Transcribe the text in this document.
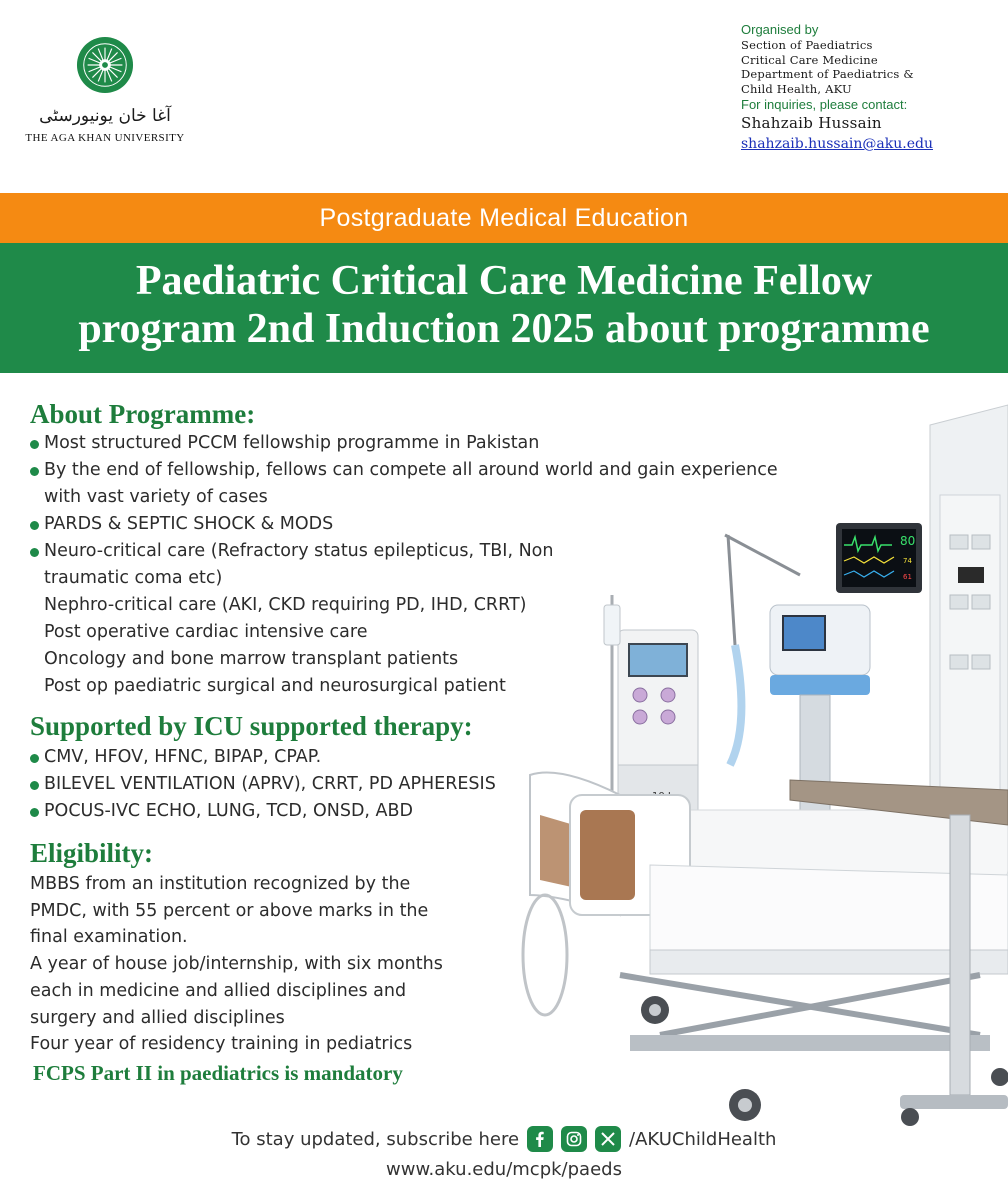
آغا خان یونیورسٹی
THE AGA KHAN UNIVERSITY
Organised by
Section of Paediatrics
Critical Care Medicine
Department of Paediatrics &
Child Health, AKU
For inquiries, please contact:
Shahzaib Hussain
shahzaib.hussain@aku.edu
Postgraduate Medical Education
Paediatric Critical Care Medicine Fellow
program 2nd Induction 2025 about programme
80
74
61
About Programme:
Most structured PCCM fellowship programme in Pakistan
By the end of fellowship, fellows can compete all around world and gain experience
with vast variety of cases
PARDS & SEPTIC SHOCK & MODS
Neuro-critical care (Refractory status epilepticus, TBI, Non
traumatic coma etc)
Nephro-critical care (AKI, CKD requiring PD, IHD, CRRT)
Post operative cardiac intensive care
Oncology and bone marrow transplant patients
Post op paediatric surgical and neurosurgical patient
Supported by ICU supported therapy:
CMV, HFOV, HFNC, BIPAP, CPAP.
BILEVEL VENTILATION (APRV), CRRT, PD APHERESIS
POCUS-IVC ECHO, LUNG, TCD, ONSD, ABD
Eligibility:
MBBS from an institution recognized by the
PMDC, with 55 percent or above marks in the
final examination.
A year of house job/internship, with six months
each in medicine and allied disciplines and
surgery and allied disciplines
Four year of residency training in pediatrics
FCPS Part II in paediatrics is mandatory
To stay updated, subscribe here	/AKUChildHealth
www.aku.edu/mcpk/paeds
